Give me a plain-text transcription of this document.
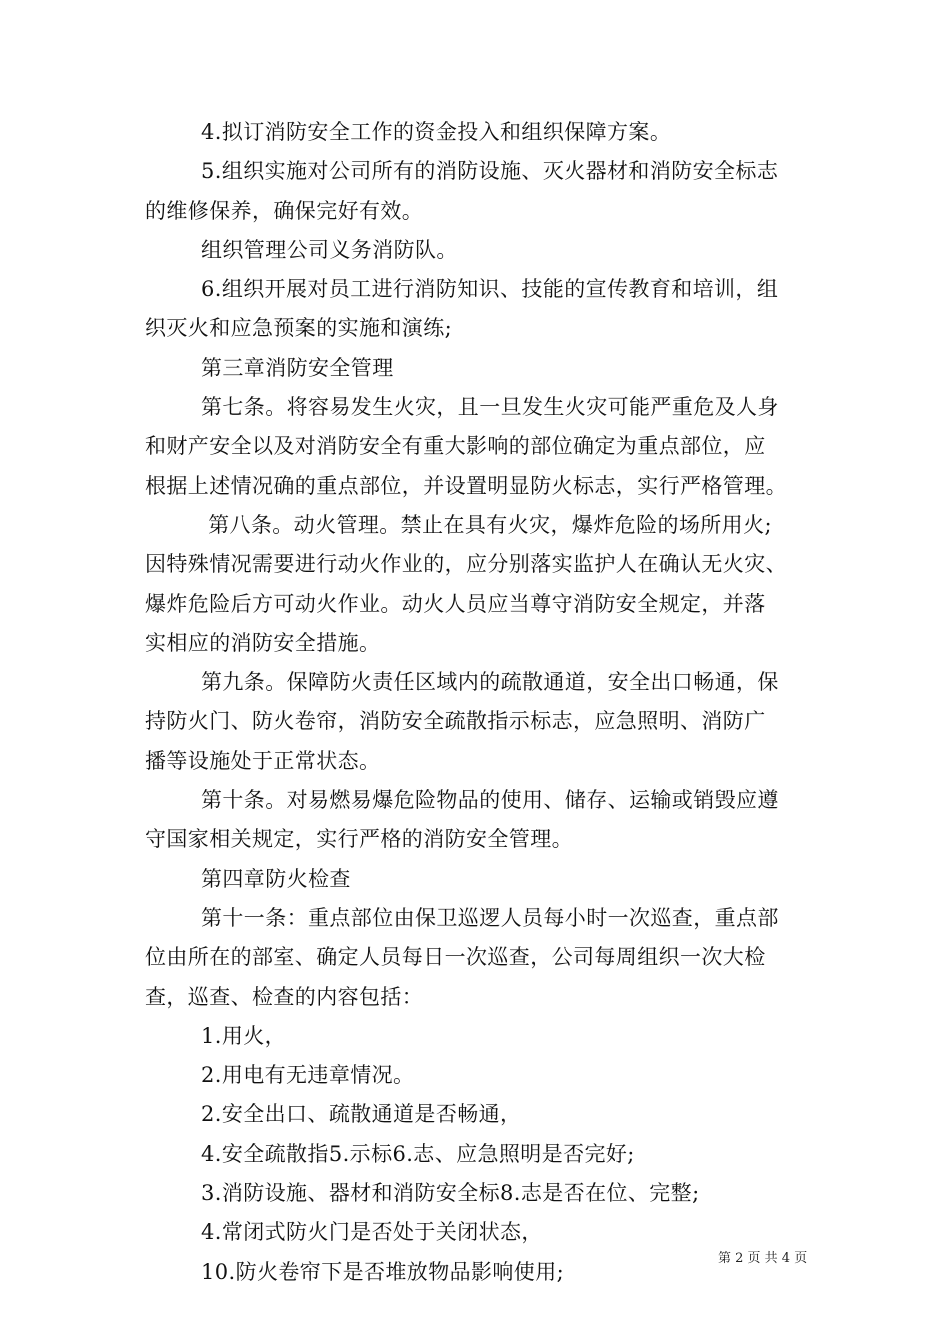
4.拟订消防安全工作的资金投入和组织保障方案。
5.组织实施对公司所有的消防设施、灭火器材和消防安全标志
的维修保养，确保完好有效。
组织管理公司义务消防队。
6.组织开展对员工进行消防知识、技能的宣传教育和培训，组
织灭火和应急预案的实施和演练;
第三章消防安全管理
第七条。将容易发生火灾，且一旦发生火灾可能严重危及人身
和财产安全以及对消防安全有重大影响的部位确定为重点部位，应
根据上述情况确的重点部位，并设置明显防火标志，实行严格管理。
第八条。动火管理。禁止在具有火灾，爆炸危险的场所用火;
因特殊情况需要进行动火作业的，应分别落实监护人在确认无火灾、
爆炸危险后方可动火作业。动火人员应当尊守消防安全规定，并落
实相应的消防安全措施。
第九条。保障防火责任区域内的疏散通道，安全出口畅通，保
持防火门、防火卷帘，消防安全疏散指示标志，应急照明、消防广
播等设施处于正常状态。
第十条。对易燃易爆危险物品的使用、储存、运输或销毁应遵
守国家相关规定，实行严格的消防安全管理。
第四章防火检查
第十一条：重点部位由保卫巡逻人员每小时一次巡查，重点部
位由所在的部室、确定人员每日一次巡查，公司每周组织一次大检
查，巡查、检查的内容包括：
1.用火，
2.用电有无违章情况。
2.安全出口、疏散通道是否畅通，
4.安全疏散指5.示标6.志、应急照明是否完好;
3.消防设施、器材和消防安全标8.志是否在位、完整;
4.常闭式防火门是否处于关闭状态，
10.防火卷帘下是否堆放物品影响使用;
第 2 页 共 4 页
